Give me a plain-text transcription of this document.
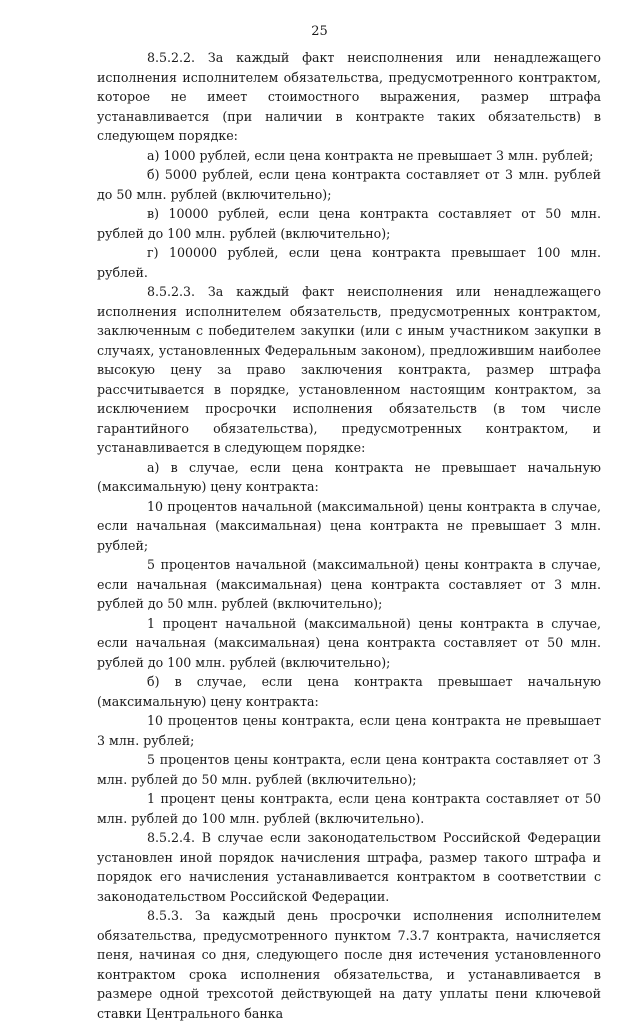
25

8.5.2.2. За каждый факт неисполнения или ненадлежащего исполнения исполнителем обязательства, предусмотренного контрактом, которое не имеет стоимостного выражения, размер штрафа устанавливается (при наличии в контракте таких обязательств) в следующем порядке:

а) 1000 рублей, если цена контракта не превышает 3 млн. рублей;

б) 5000 рублей, если цена контракта составляет от 3 млн. рублей до 50 млн. рублей (включительно);

в) 10000 рублей, если цена контракта составляет от 50 млн. рублей до 100 млн. рублей (включительно);

г) 100000 рублей, если цена контракта превышает 100 млн. рублей.

8.5.2.3. За каждый факт неисполнения или ненадлежащего исполнения исполнителем обязательств, предусмотренных контрактом, заключенным с победителем закупки (или с иным участником закупки в случаях, установленных Федеральным законом), предложившим наиболее высокую цену за право заключения контракта, размер штрафа рассчитывается в порядке, установленном настоящим контрактом, за исключением просрочки исполнения обязательств (в том числе гарантийного обязательства), предусмотренных контрактом, и устанавливается в следующем порядке:

а) в случае, если цена контракта не превышает начальную (максимальную) цену контракта:

10 процентов начальной (максимальной) цены контракта в случае, если начальная (максимальная) цена контракта не превышает 3 млн. рублей;

5 процентов начальной (максимальной) цены контракта в случае, если начальная (максимальная) цена контракта составляет от 3 млн. рублей до 50 млн. рублей (включительно);

1 процент начальной (максимальной) цены контракта в случае, если начальная (максимальная) цена контракта составляет от 50 млн. рублей до 100 млн. рублей (включительно);

б) в случае, если цена контракта превышает начальную (максимальную) цену контракта:

10 процентов цены контракта, если цена контракта не превышает 3 млн. рублей;

5 процентов цены контракта, если цена контракта составляет от 3 млн. рублей до 50 млн. рублей (включительно);

1 процент цены контракта, если цена контракта составляет от 50 млн. рублей до 100 млн. рублей (включительно).

8.5.2.4. В случае если законодательством Российской Федерации установлен иной порядок начисления штрафа, размер такого штрафа и порядок его начисления устанавливается контрактом в соответствии с законодательством Российской Федерации.

8.5.3. За каждый день просрочки исполнения исполнителем обязательства, предусмотренного пунктом 7.3.7 контракта, начисляется пеня, начиная со дня, следующего после дня истечения установленного контрактом срока исполнения обязательства, и устанавливается в размере одной трехсотой действующей на дату уплаты пени ключевой ставки Центрального банка
